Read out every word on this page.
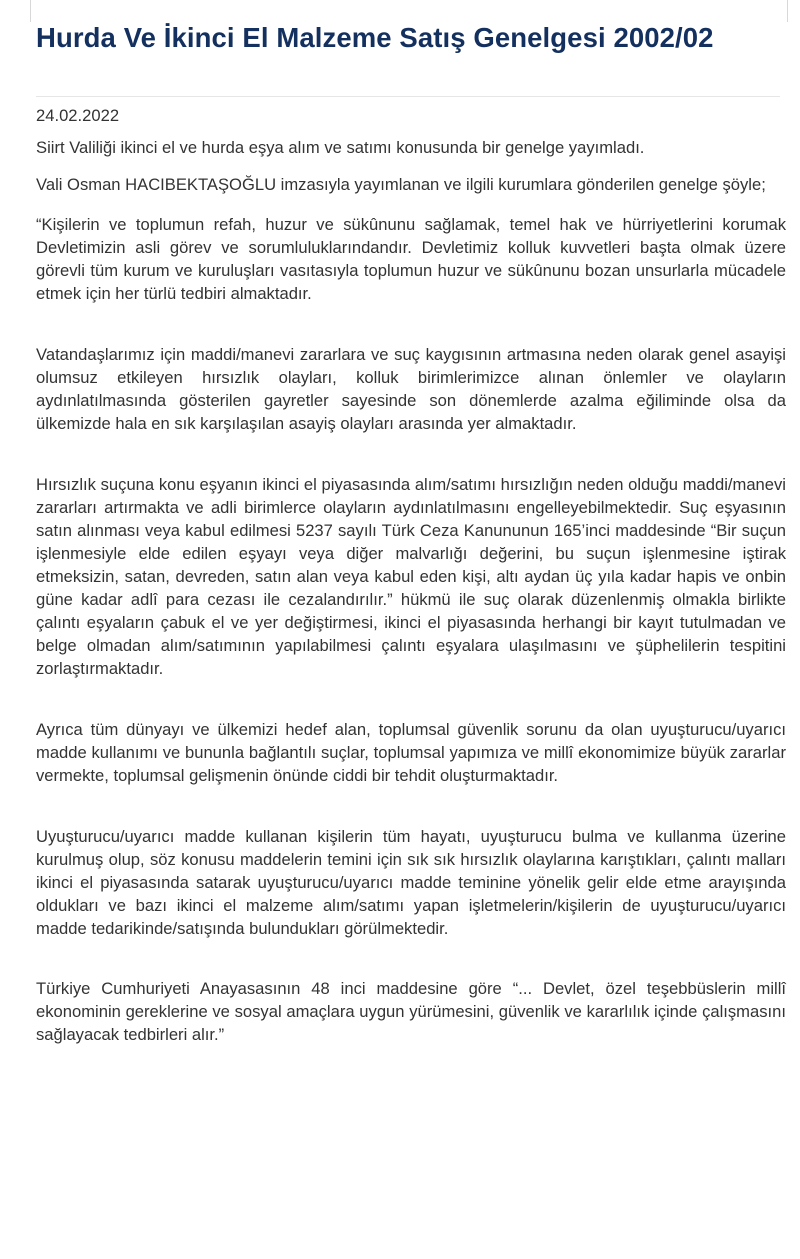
Hurda Ve İkinci El Malzeme Satış Genelgesi 2002/02

24.02.2022

Siirt Valiliği ikinci el ve hurda eşya alım ve satımı konusunda bir genelge yayımladı.

Vali Osman HACIBEKTAŞOĞLU imzasıyla yayımlanan ve ilgili kurumlara gönderilen genelge şöyle;

“Kişilerin ve toplumun refah, huzur ve sükûnunu sağlamak, temel hak ve hürriyetlerini korumak Devletimizin asli görev ve sorumluluklarındandır. Devletimiz kolluk kuvvetleri başta olmak üzere görevli tüm kurum ve kuruluşları vasıtasıyla toplumun huzur ve sükûnunu bozan unsurlarla mücadele etmek için her türlü tedbiri almaktadır.

Vatandaşlarımız için maddi/manevi zararlara ve suç kaygısının artmasına neden olarak genel asayişi olumsuz etkileyen hırsızlık olayları, kolluk birimlerimizce alınan önlemler ve olayların aydınlatılmasında gösterilen gayretler sayesinde son dönemlerde azalma eğiliminde olsa da ülkemizde hala en sık karşılaşılan asayiş olayları arasında yer almaktadır.

Hırsızlık suçuna konu eşyanın ikinci el piyasasında alım/satımı hırsızlığın neden olduğu maddi/manevi zararları artırmakta ve adli birimlerce olayların aydınlatılmasını engelleyebilmektedir. Suç eşyasının satın alınması veya kabul edilmesi 5237 sayılı Türk Ceza Kanununun 165’inci maddesinde “Bir suçun işlenmesiyle elde edilen eşyayı veya diğer malvarlığı değerini, bu suçun işlenmesine iştirak etmeksizin, satan, devreden, satın alan veya kabul eden kişi, altı aydan üç yıla kadar hapis ve onbin güne kadar adlî para cezası ile cezalandırılır.” hükmü ile suç olarak düzenlenmiş olmakla birlikte çalıntı eşyaların çabuk el ve yer değiştirmesi, ikinci el piyasasında herhangi bir kayıt tutulmadan ve belge olmadan alım/satımının yapılabilmesi çalıntı eşyalara ulaşılmasını ve şüphelilerin tespitini zorlaştırmaktadır.

Ayrıca tüm dünyayı ve ülkemizi hedef alan, toplumsal güvenlik sorunu da olan uyuşturucu/uyarıcı madde kullanımı ve bununla bağlantılı suçlar, toplumsal yapımıza ve millî ekonomimize büyük zararlar vermekte, toplumsal gelişmenin önünde ciddi bir tehdit oluşturmaktadır.

Uyuşturucu/uyarıcı madde kullanan kişilerin tüm hayatı, uyuşturucu bulma ve kullanma üzerine kurulmuş olup, söz konusu maddelerin temini için sık sık hırsızlık olaylarına karıştıkları, çalıntı malları ikinci el piyasasında satarak uyuşturucu/uyarıcı madde teminine yönelik gelir elde etme arayışında oldukları ve bazı ikinci el malzeme alım/satımı yapan işletmelerin/kişilerin de uyuşturucu/uyarıcı madde tedarikinde/satışında bulundukları görülmektedir.

Türkiye Cumhuriyeti Anayasasının 48 inci maddesine göre “... Devlet, özel teşebbüslerin millî ekonominin gereklerine ve sosyal amaçlara uygun yürümesini, güvenlik ve kararlılık içinde çalışmasını sağlayacak tedbirleri alır.”
